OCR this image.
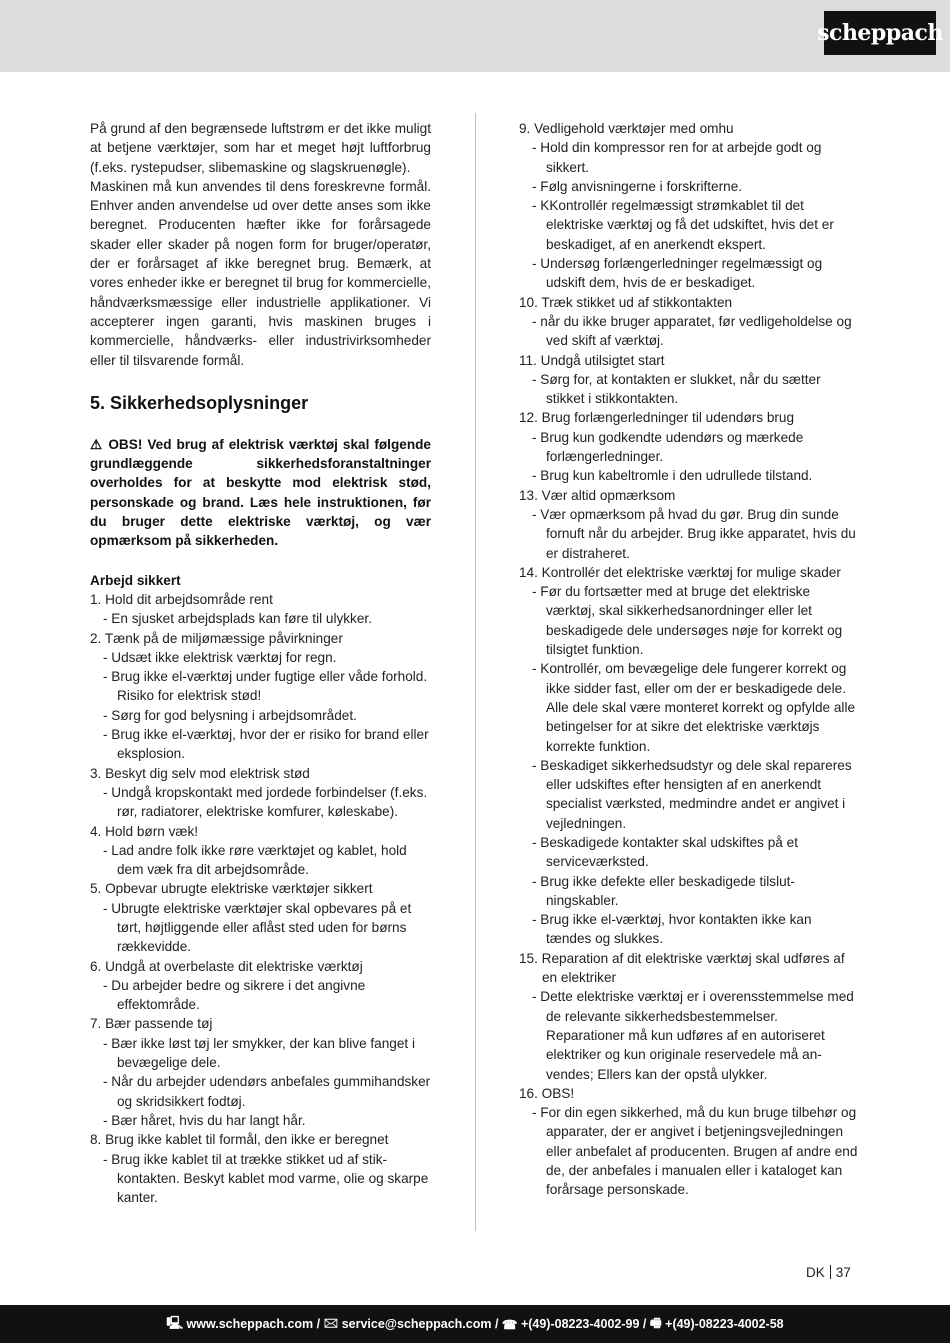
scheppach

På grund af den begrænsede luftstrøm er det ikke muligt at betjene værktøjer, som har et meget højt luftforbrug (f.eks. rystepudser, slibemaskine og slagskruenøgle).

Maskinen må kun anvendes til dens foreskrevne formål. Enhver anden anvendelse ud over dette anses som ikke beregnet. Producenten hæfter ikke for forårsagede skader eller skader på nogen form for bruger/operatør, der er forårsaget af ikke beregnet brug. Bemærk, at vores enheder ikke er beregnet til brug for kommercielle, håndværksmæssige eller industrielle applikationer. Vi accepterer ingen garanti, hvis maskinen bruges i kommercielle, håndværks- eller industrivirksomheder eller til tilsvarende formål.

5. Sikkerhedsoplysninger

⚠ OBS! Ved brug af elektrisk værktøj skal følgende grundlæggende sikkerhedsforanstaltninger overholdes for at beskytte mod elektrisk stød, personskade og brand. Læs hele instruktionen, før du bruger dette elektriske værktøj, og vær opmærksom på sikkerheden.

Arbejd sikkert

1. Hold dit arbejdsområde rent

- En sjusket arbejdsplads kan føre til ulykker.

2. Tænk på de miljømæssige påvirkninger

- Udsæt ikke elektrisk værktøj for regn.

- Brug ikke el-værktøj under fugtige eller våde forhold. Risiko for elektrisk stød!

- Sørg for god belysning i arbejdsområdet.

- Brug ikke el-værktøj, hvor der er risiko for brand eller eksplosion.

3. Beskyt dig selv mod elektrisk stød

- Undgå kropskontakt med jordede forbindelser (f.eks. rør, radiatorer, elektriske komfurer, køleskabe).

4. Hold børn væk!

- Lad andre folk ikke røre værktøjet og kablet, hold dem væk fra dit arbejdsområde.

5. Opbevar ubrugte elektriske værktøjer sikkert

- Ubrugte elektriske værktøjer skal opbevares på et tørt, højtliggende eller aflåst sted uden for børns rækkevidde.

6. Undgå at overbelaste dit elektriske værktøj

- Du arbejder bedre og sikrere i det angivne effektområde.

7. Bær passende tøj

- Bær ikke løst tøj ler smykker, der kan blive fanget i bevægelige dele.

- Når du arbejder udendørs anbefales gummihandsker og skridsikkert fodtøj.

- Bær håret, hvis du har langt hår.

8. Brug ikke kablet til formål, den ikke er beregnet

- Brug ikke kablet til at trække stikket ud af stikkontakten. Beskyt kablet mod varme, olie og skarpe kanter.

9. Vedligehold værktøjer med omhu

- Hold din kompressor ren for at arbejde godt og sikkert.

- Følg anvisningerne i forskrifterne.

- KKontrollér regelmæssigt strømkablet til det elektriske værktøj og få det udskiftet, hvis det er beskadiget, af en anerkendt ekspert.

- Undersøg forlængerledninger regelmæssigt og udskift dem, hvis de er beskadiget.

10. Træk stikket ud af stikkontakten

- når du ikke bruger apparatet, før vedligeholdelse og ved skift af værktøj.

11. Undgå utilsigtet start

- Sørg for, at kontakten er slukket, når du sætter stikket i stikkontakten.

12. Brug forlængerledninger til udendørs brug

- Brug kun godkendte udendørs og mærkede forlængerledninger.

- Brug kun kabeltromle i den udrullede tilstand.

13. Vær altid opmærksom

- Vær opmærksom på hvad du gør. Brug din sunde fornuft når du arbejder. Brug ikke apparatet, hvis du er distraheret.

14. Kontrollér det elektriske værktøj for mulige skader

- Før du fortsætter med at bruge det elektriske værktøj, skal sikkerhedsanordninger eller let beskadigede dele undersøges nøje for korrekt og tilsigtet funktion.

- Kontrollér, om bevægelige dele fungerer korrekt og ikke sidder fast, eller om der er beskadigede dele. Alle dele skal være monteret korrekt og opfylde alle betingelser for at sikre det elektriske værktøjs korrekte funktion.

- Beskadiget sikkerhedsudstyr og dele skal repareres eller udskiftes efter hensigten af en anerkendt specialist værksted, medmindre andet er angivet i vejledningen.

- Beskadigede kontakter skal udskiftes på et serviceværksted.

- Brug ikke defekte eller beskadigede tilslutningskabler.

- Brug ikke el-værktøj, hvor kontakten ikke kan tændes og slukkes.

15. Reparation af dit elektriske værktøj skal udføres af en elektriker

- Dette elektriske værktøj er i overensstemmelse med de relevante sikkerhedsbestemmelser. Reparationer må kun udføres af en autoriseret elektriker og kun originale reservedele må anvendes; Ellers kan der opstå ulykker.

16. OBS!

- For din egen sikkerhed, må du kun bruge tilbehør og apparater, der er angivet i betjeningsvejledningen eller anbefalet af producenten. Brugen af andre end de, der anbefales i manualen eller i kataloget kan forårsage personskade.

DK 37
🖳 www.scheppach.com / 🖂 service@scheppach.com / ☎ +(49)-08223-4002-99 / 🖷 +(49)-08223-4002-58
